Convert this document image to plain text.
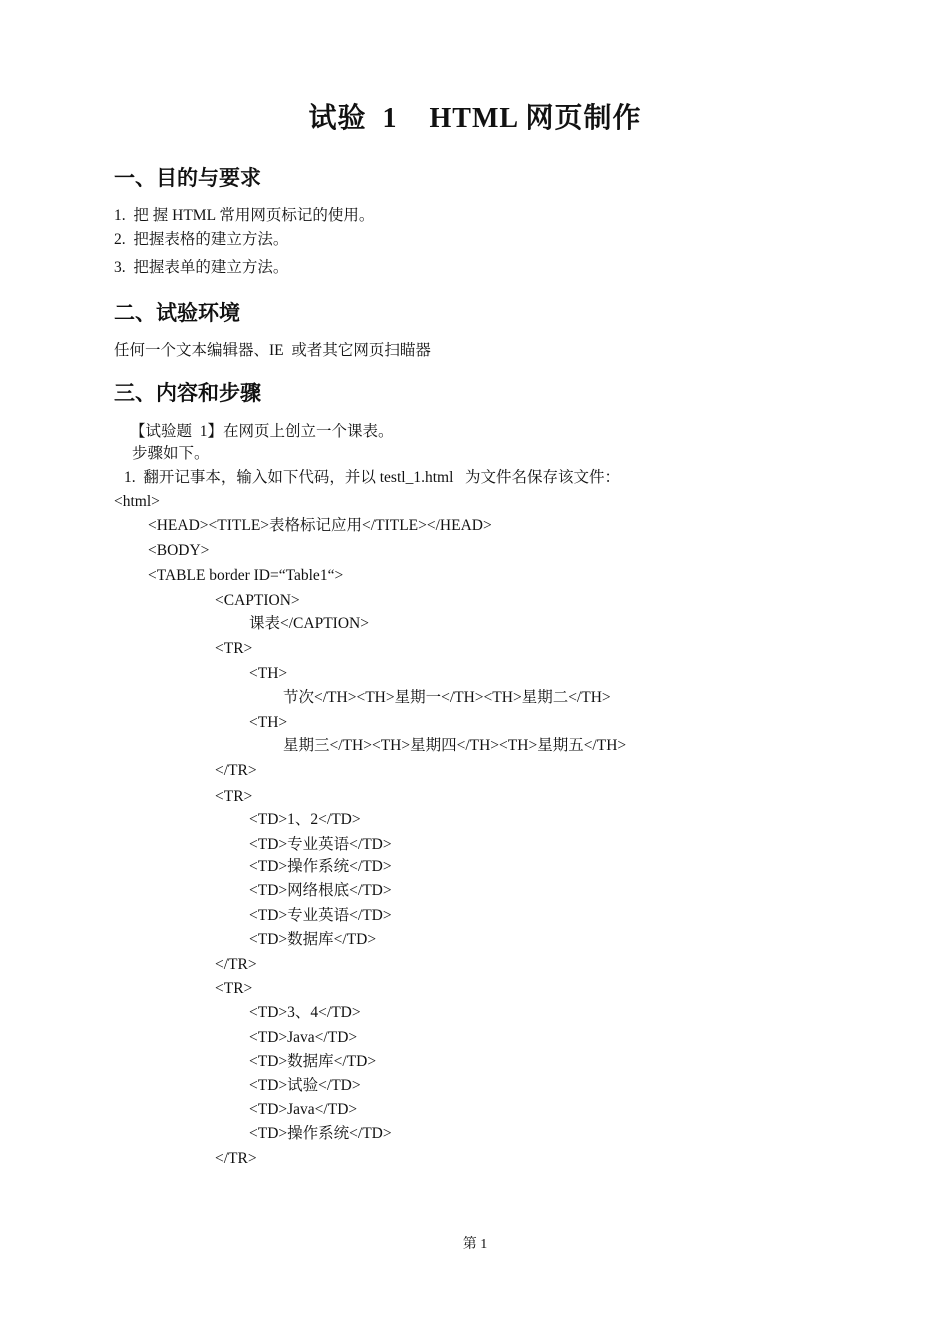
试验  1    HTML 网页制作
一、目的与要求
1.  把 握 HTML 常用网页标记的使用。
2.  把握表格的建立方法。
3.  把握表单的建立方法。
二、试验环境
任何一个文本编辑器、IE  或者其它网页扫瞄器
三、内容和步骤
【试验题  1】在网页上创立一个课表。
步骤如下。
1.  翻开记事本，输入如下代码，并以 testl_1.html   为文件名保存该文件：
<html>
<HEAD><TITLE>表格标记应用</TITLE></HEAD>
<BODY>
<TABLE border ID=“Table1“>
<CAPTION>
课表</CAPTION>
<TR>
<TH>
节次</TH><TH>星期一</TH><TH>星期二</TH>
<TH>
星期三</TH><TH>星期四</TH><TH>星期五</TH>
</TR>
<TR>
<TD>1、2</TD>
<TD>专业英语</TD>
<TD>操作系统</TD>
<TD>网络根底</TD>
<TD>专业英语</TD>
<TD>数据库</TD>
</TR>
<TR>
<TD>3、4</TD>
<TD>Java</TD>
<TD>数据库</TD>
<TD>试验</TD>
<TD>Java</TD>
<TD>操作系统</TD>
</TR>
第 1
